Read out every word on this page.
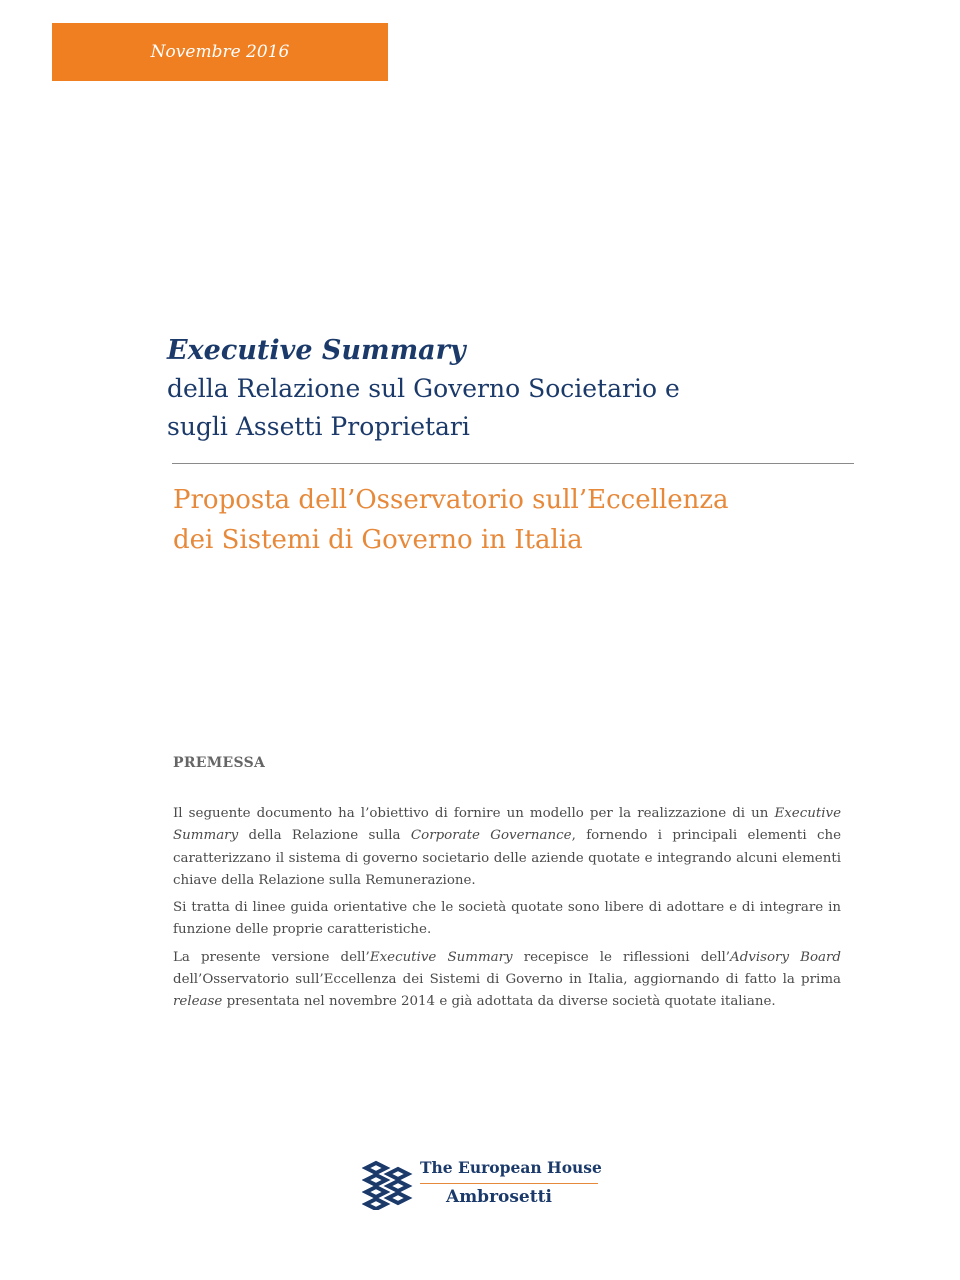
Novembre 2016
Executive Summary
della Relazione sul Governo Societario e
sugli Assetti Proprietari
Proposta dell’Osservatorio sull’Eccellenza
dei Sistemi di Governo in Italia
PREMESSA

Il seguente documento ha l’obiettivo di fornire un modello per la realizzazione di un Executive Summary della Relazione sulla Corporate Governance, fornendo i principali elementi che caratterizzano il sistema di governo societario delle aziende quotate e integrando alcuni elementi chiave della Relazione sulla Remunerazione.

Si tratta di linee guida orientative che le società quotate sono libere di adottare e di integrare in funzione delle proprie caratteristiche.

La presente versione dell’Executive Summary recepisce le riflessioni dell’Advisory Board dell’Osservatorio sull’Eccellenza dei Sistemi di Governo in Italia, aggiornando di fatto la prima release presentata nel novembre 2014 e già adottata da diverse società quotate italiane.

The European House
Ambrosetti
